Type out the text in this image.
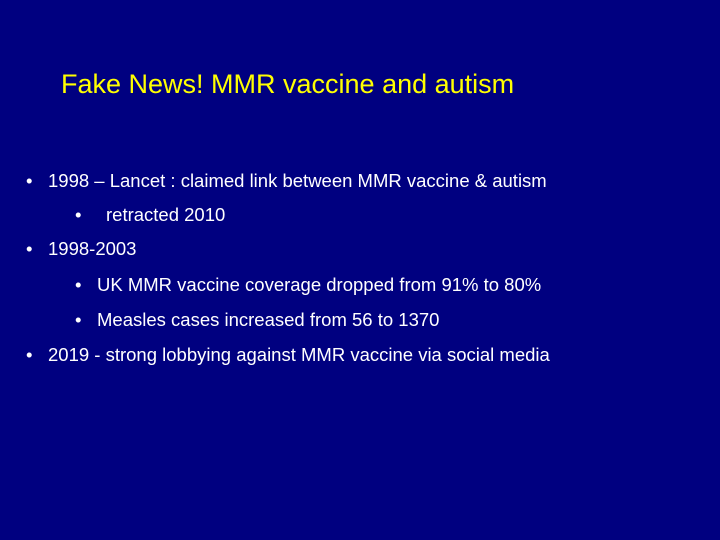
Fake News! MMR vaccine and autism
• 1998 – Lancet : claimed link between MMR vaccine & autism
• retracted 2010
• 1998-2003
• UK MMR vaccine coverage dropped from 91% to 80%
• Measles cases increased from 56 to 1370
• 2019 - strong lobbying against MMR vaccine via social media
